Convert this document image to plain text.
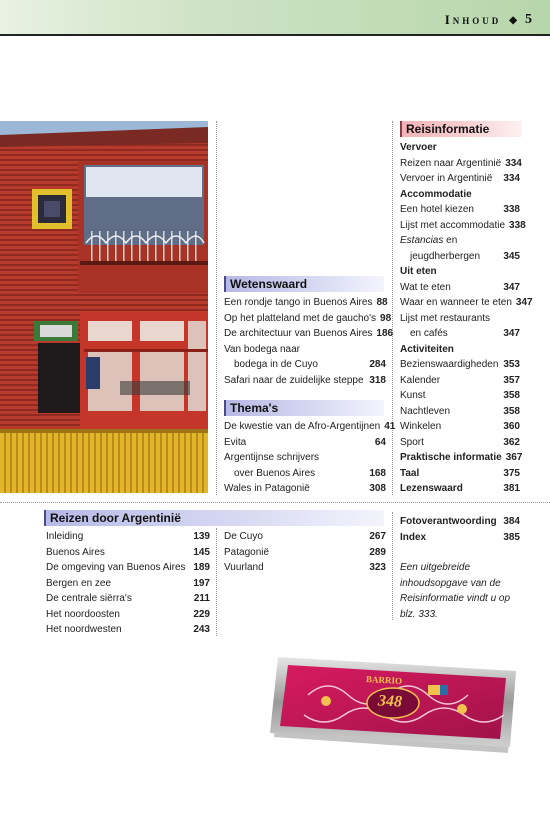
Inhoud ◆ 5
Wetenswaard
Een rondje tango in Buenos Aires 88
Op het platteland met de gaucho's 98
De architectuur van Buenos Aires 186
Van bodega naar
bodega in de Cuyo	284
Safari naar de zuidelijke steppe 318
Thema's
De kwestie van de Afro-Argentijnen 41
Evita	64
Argentijnse schrijvers
over Buenos Aires	168
Wales in Patagonië	308
Reisinformatie
Vervoer
Reizen naar Argentinië 334
Vervoer in Argentinië 334
Accommodatie
Een hotel kiezen	338
Lijst met accommodatie 338
Estancias en
jeugdherbergen 345
Uit eten
Wat te eten	347
Waar en wanneer te eten 347
Lijst met restaurants
en cafés	347
Activiteiten
Bezienswaardigheden 353
Kalender	357
Kunst	358
Nachtleven	358
Winkelen	360
Sport	362
Praktische informatie 367
Taal	375
Lezenswaard	381
Fotoverantwoording 384
Index	385
Een uitgebreide inhoudsopgave van de Reisinformatie vindt u op blz. 333.
Reizen door Argentinië
Inleiding	139
Buenos Aires	145
De omgeving van Buenos Aires 189
Bergen en zee	197
De centrale siërra's	211
Het noordoosten	229
Het noordwesten	243
De Cuyo	267
Patagonië	289
Vuurland	323
BARRIO
348
